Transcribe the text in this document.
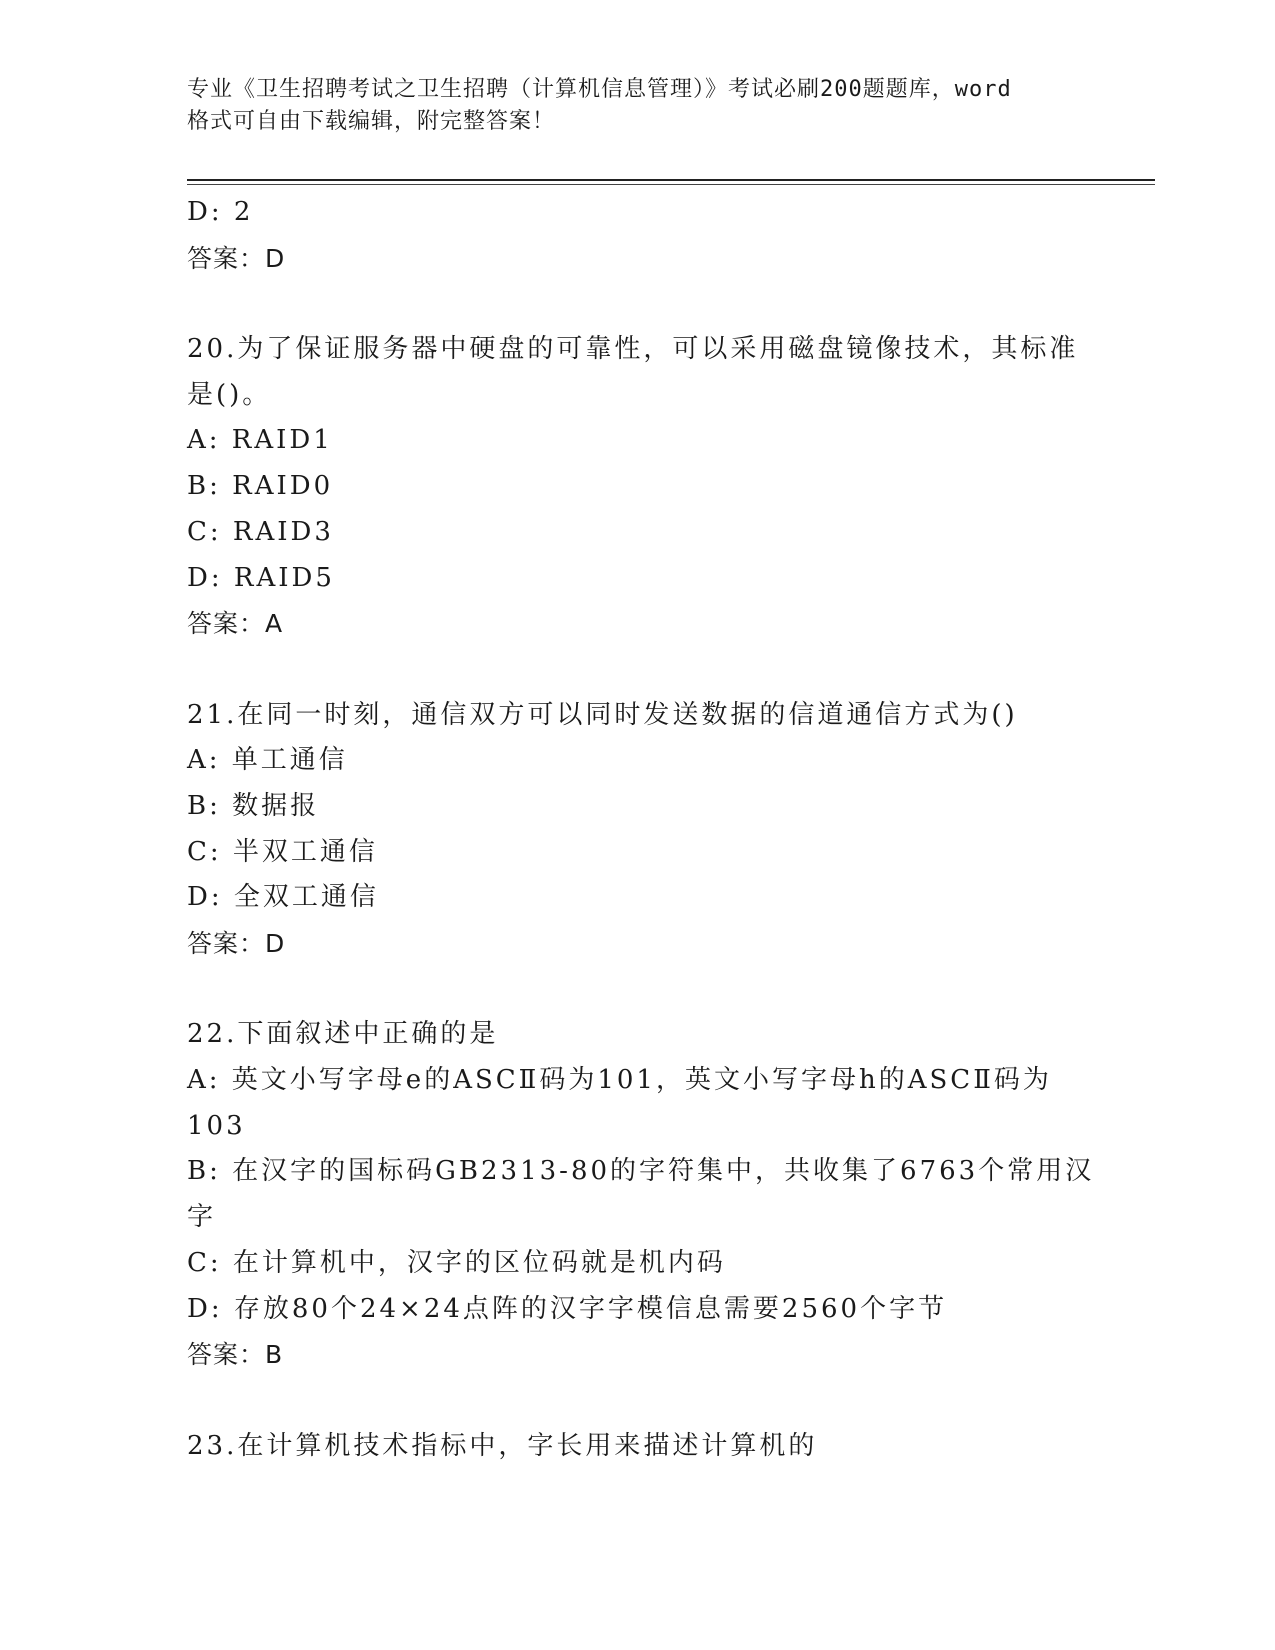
专业《卫生招聘考试之卫生招聘（计算机信息管理）》考试必刷200题题库，word
格式可自由下载编辑，附完整答案！
D: 2
答案：D
20.为了保证服务器中硬盘的可靠性，可以采用磁盘镜像技术，其标准
是()。
A: RAID1
B: RAID0
C: RAID3
D: RAID5
答案：A
21.在同一时刻，通信双方可以同时发送数据的信道通信方式为()
A: 单工通信
B: 数据报
C: 半双工通信
D: 全双工通信
答案：D
22.下面叙述中正确的是
A: 英文小写字母e的ASCⅡ码为101，英文小写字母h的ASCⅡ码为
103
B: 在汉字的国标码GB2313-80的字符集中，共收集了6763个常用汉
字
C: 在计算机中，汉字的区位码就是机内码
D: 存放80个24×24点阵的汉字字模信息需要2560个字节
答案：B
23.在计算机技术指标中，字长用来描述计算机的
